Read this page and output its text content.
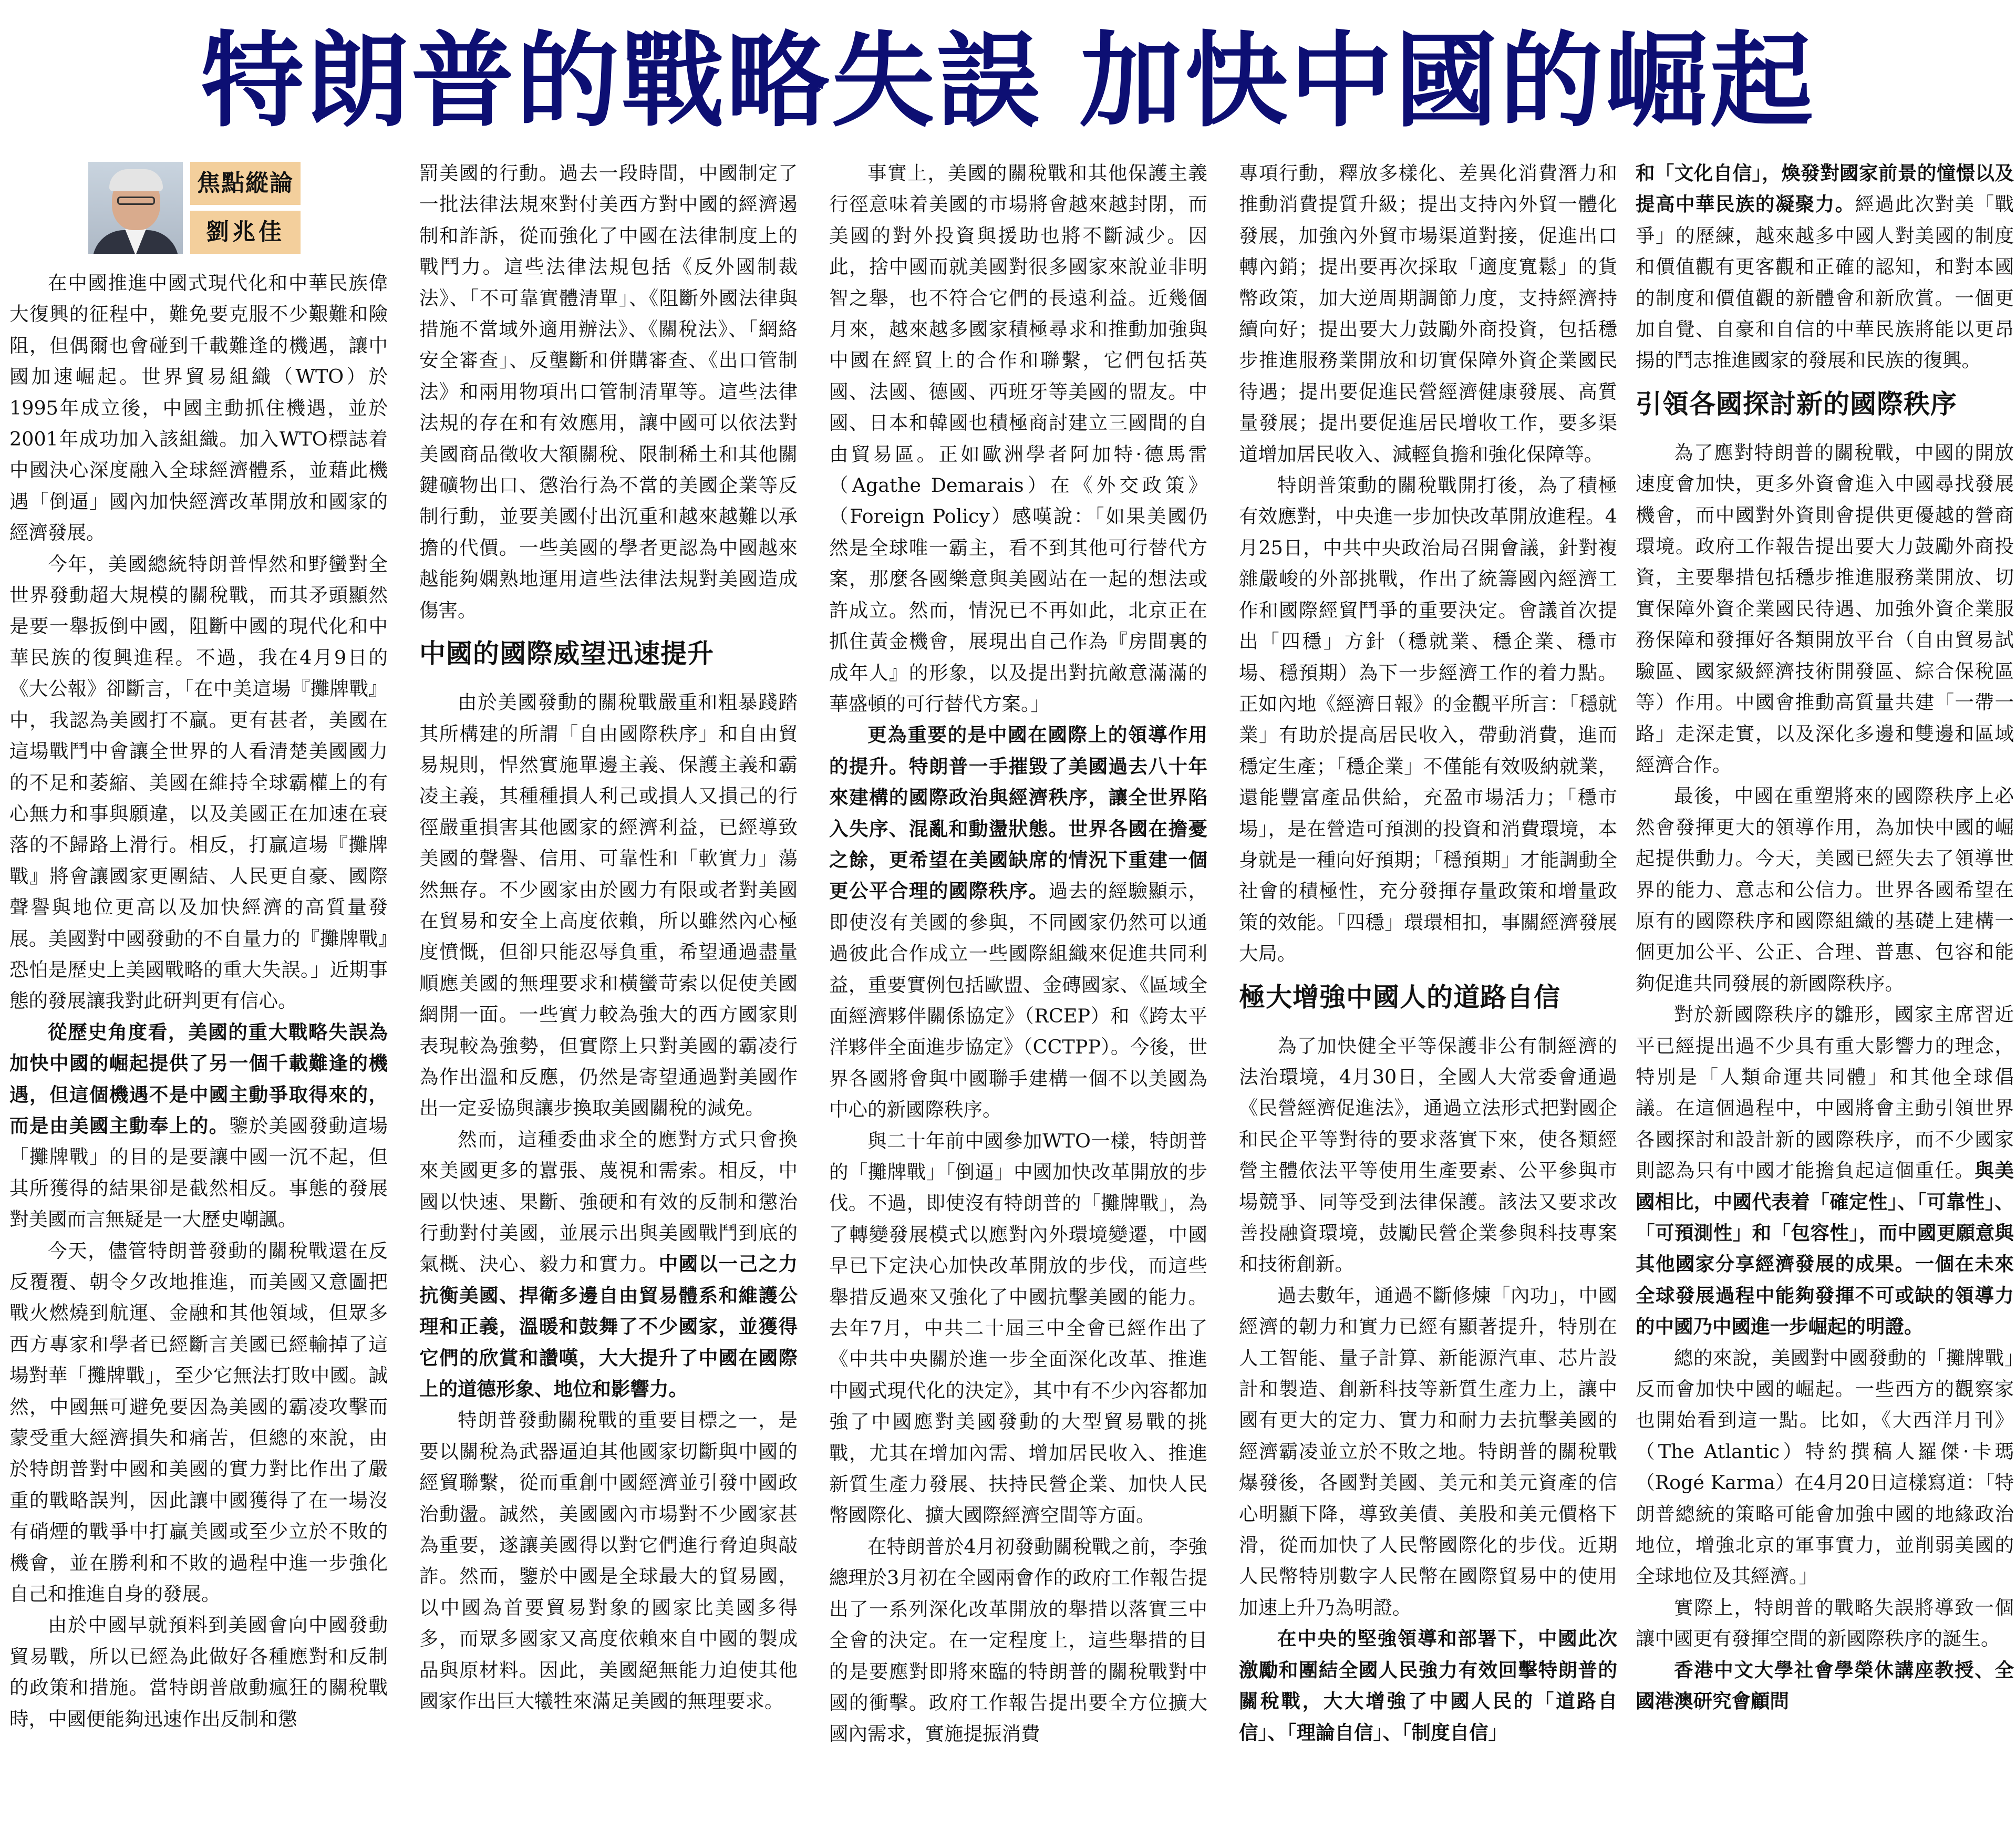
特朗普的戰略失誤 加快中國的崛起
焦點縱論
劉兆佳

在中國推進中國式現代化和中華民族偉大復興的征程中，難免要克服不少艱難和險阻，但偶爾也會碰到千載難逢的機遇，讓中國加速崛起。世界貿易組織（WTO）於1995年成立後，中國主動抓住機遇，並於2001年成功加入該組織。加入WTO標誌着中國決心深度融入全球經濟體系，並藉此機遇「倒逼」國內加快經濟改革開放和國家的經濟發展。

今年，美國總統特朗普悍然和野蠻對全世界發動超大規模的關稅戰，而其矛頭顯然是要一舉扳倒中國，阻斷中國的現代化和中華民族的復興進程。不過，我在4月9日的《大公報》卻斷言，「在中美這場『攤牌戰』中，我認為美國打不贏。更有甚者，美國在這場戰鬥中會讓全世界的人看清楚美國國力的不足和萎縮、美國在維持全球霸權上的有心無力和事與願違，以及美國正在加速在衰落的不歸路上滑行。相反，打贏這場『攤牌戰』將會讓國家更團結、人民更自豪、國際聲譽與地位更高以及加快經濟的高質量發展。美國對中國發動的不自量力的『攤牌戰』恐怕是歷史上美國戰略的重大失誤。」近期事態的發展讓我對此研判更有信心。

從歷史角度看，美國的重大戰略失誤為加快中國的崛起提供了另一個千載難逢的機遇，但這個機遇不是中國主動爭取得來的，而是由美國主動奉上的。鑒於美國發動這場「攤牌戰」的目的是要讓中國一沉不起，但其所獲得的結果卻是截然相反。事態的發展對美國而言無疑是一大歷史嘲諷。

今天，儘管特朗普發動的關稅戰還在反反覆覆、朝令夕改地推進，而美國又意圖把戰火燃燒到航運、金融和其他領域，但眾多西方專家和學者已經斷言美國已經輸掉了這場對華「攤牌戰」，至少它無法打敗中國。誠然，中國無可避免要因為美國的霸凌攻擊而蒙受重大經濟損失和痛苦，但總的來說，由於特朗普對中國和美國的實力對比作出了嚴重的戰略誤判，因此讓中國獲得了在一場沒有硝煙的戰爭中打贏美國或至少立於不敗的機會，並在勝利和不敗的過程中進一步強化自己和推進自身的發展。

由於中國早就預料到美國會向中國發動貿易戰，所以已經為此做好各種應對和反制的政策和措施。當特朗普啟動瘋狂的關稅戰時，中國便能夠迅速作出反制和懲

罰美國的行動。過去一段時間，中國制定了一批法律法規來對付美西方對中國的經濟遏制和詐訴，從而強化了中國在法律制度上的戰鬥力。這些法律法規包括《反外國制裁法》、「不可靠實體清單」、《阻斷外國法律與措施不當域外適用辦法》、《關稅法》、「網絡安全審查」、反壟斷和併購審查、《出口管制法》和兩用物項出口管制清單等。這些法律法規的存在和有效應用，讓中國可以依法對美國商品徵收大額關稅、限制稀土和其他關鍵礦物出口、懲治行為不當的美國企業等反制行動，並要美國付出沉重和越來越難以承擔的代價。一些美國的學者更認為中國越來越能夠嫻熟地運用這些法律法規對美國造成傷害。

中國的國際威望迅速提升

由於美國發動的關稅戰嚴重和粗暴踐踏其所構建的所謂「自由國際秩序」和自由貿易規則，悍然實施單邊主義、保護主義和霸凌主義，其種種損人利己或損人又損己的行徑嚴重損害其他國家的經濟利益，已經導致美國的聲譽、信用、可靠性和「軟實力」蕩然無存。不少國家由於國力有限或者對美國在貿易和安全上高度依賴，所以雖然內心極度憤慨，但卻只能忍辱負重，希望通過盡量順應美國的無理要求和橫蠻苛索以促使美國網開一面。一些實力較為強大的西方國家則表現較為強勢，但實際上只對美國的霸凌行為作出溫和反應，仍然是寄望通過對美國作出一定妥協與讓步換取美國關稅的減免。

然而，這種委曲求全的應對方式只會換來美國更多的囂張、蔑視和需索。相反，中國以快速、果斷、強硬和有效的反制和懲治行動對付美國，並展示出與美國戰鬥到底的氣概、決心、毅力和實力。中國以一己之力抗衡美國、捍衛多邊自由貿易體系和維護公理和正義，溫暖和鼓舞了不少國家，並獲得它們的欣賞和讚嘆，大大提升了中國在國際上的道德形象、地位和影響力。

特朗普發動關稅戰的重要目標之一，是要以關稅為武器逼迫其他國家切斷與中國的經貿聯繫，從而重創中國經濟並引發中國政治動盪。誠然，美國國內市場對不少國家甚為重要，遂讓美國得以對它們進行脅迫與敲詐。然而，鑒於中國是全球最大的貿易國，以中國為首要貿易對象的國家比美國多得多，而眾多國家又高度依賴來自中國的製成品與原材料。因此，美國絕無能力迫使其他國家作出巨大犧牲來滿足美國的無理要求。

事實上，美國的關稅戰和其他保護主義行徑意味着美國的市場將會越來越封閉，而美國的對外投資與援助也將不斷減少。因此，捨中國而就美國對很多國家來說並非明智之舉，也不符合它們的長遠利益。近幾個月來，越來越多國家積極尋求和推動加強與中國在經貿上的合作和聯繫，它們包括英國、法國、德國、西班牙等美國的盟友。中國、日本和韓國也積極商討建立三國間的自由貿易區。正如歐洲學者阿加特·德馬雷（Agathe Demarais）在《外交政策》（Foreign Policy）感嘆說：「如果美國仍然是全球唯一霸主，看不到其他可行替代方案，那麼各國樂意與美國站在一起的想法或許成立。然而，情況已不再如此，北京正在抓住黃金機會，展現出自己作為『房間裏的成年人』的形象，以及提出對抗敵意滿滿的華盛頓的可行替代方案。」

更為重要的是中國在國際上的領導作用的提升。特朗普一手摧毀了美國過去八十年來建構的國際政治與經濟秩序，讓全世界陷入失序、混亂和動盪狀態。世界各國在擔憂之餘，更希望在美國缺席的情況下重建一個更公平合理的國際秩序。過去的經驗顯示，即使沒有美國的參與，不同國家仍然可以通過彼此合作成立一些國際組織來促進共同利益，重要實例包括歐盟、金磚國家、《區域全面經濟夥伴關係協定》（RCEP）和《跨太平洋夥伴全面進步協定》（CCTPP）。今後，世界各國將會與中國聯手建構一個不以美國為中心的新國際秩序。

與二十年前中國參加WTO一樣，特朗普的「攤牌戰」「倒逼」中國加快改革開放的步伐。不過，即使沒有特朗普的「攤牌戰」，為了轉變發展模式以應對內外環境變遷，中國早已下定決心加快改革開放的步伐，而這些舉措反過來又強化了中國抗擊美國的能力。去年7月，中共二十屆三中全會已經作出了《中共中央關於進一步全面深化改革、推進中國式現代化的決定》，其中有不少內容都加強了中國應對美國發動的大型貿易戰的挑戰，尤其在增加內需、增加居民收入、推進新質生產力發展、扶持民營企業、加快人民幣國際化、擴大國際經濟空間等方面。

在特朗普於4月初發動關稅戰之前，李強總理於3月初在全國兩會作的政府工作報告提出了一系列深化改革開放的舉措以落實三中全會的決定。在一定程度上，這些舉措的目的是要應對即將來臨的特朗普的關稅戰對中國的衝擊。政府工作報告提出要全方位擴大國內需求，實施提振消費

專項行動，釋放多樣化、差異化消費潛力和推動消費提質升級；提出支持內外貿一體化發展，加強內外貿市場渠道對接，促進出口轉內銷；提出要再次採取「適度寬鬆」的貨幣政策，加大逆周期調節力度，支持經濟持續向好；提出要大力鼓勵外商投資，包括穩步推進服務業開放和切實保障外資企業國民待遇；提出要促進民營經濟健康發展、高質量發展；提出要促進居民增收工作，要多渠道增加居民收入、減輕負擔和強化保障等。

特朗普策動的關稅戰開打後，為了積極有效應對，中央進一步加快改革開放進程。4月25日，中共中央政治局召開會議，針對複雜嚴峻的外部挑戰，作出了統籌國內經濟工作和國際經貿鬥爭的重要決定。會議首次提出「四穩」方針（穩就業、穩企業、穩市場、穩預期）為下一步經濟工作的着力點。正如內地《經濟日報》的金觀平所言：「穩就業」有助於提高居民收入，帶動消費，進而穩定生產；「穩企業」不僅能有效吸納就業，還能豐富產品供給，充盈市場活力；「穩市場」，是在營造可預測的投資和消費環境，本身就是一種向好預期；「穩預期」才能調動全社會的積極性，充分發揮存量政策和增量政策的效能。「四穩」環環相扣，事關經濟發展大局。

極大增強中國人的道路自信

為了加快健全平等保護非公有制經濟的法治環境，4月30日，全國人大常委會通過《民營經濟促進法》，通過立法形式把對國企和民企平等對待的要求落實下來，使各類經營主體依法平等使用生產要素、公平參與市場競爭、同等受到法律保護。該法又要求改善投融資環境，鼓勵民營企業參與科技專案和技術創新。

過去數年，通過不斷修煉「內功」，中國經濟的韌力和實力已經有顯著提升，特別在人工智能、量子計算、新能源汽車、芯片設計和製造、創新科技等新質生產力上，讓中國有更大的定力、實力和耐力去抗擊美國的經濟霸凌並立於不敗之地。特朗普的關稅戰爆發後，各國對美國、美元和美元資產的信心明顯下降，導致美債、美股和美元價格下滑，從而加快了人民幣國際化的步伐。近期人民幣特別數字人民幣在國際貿易中的使用加速上升乃為明證。

在中央的堅強領導和部署下，中國此次激勵和團結全國人民強力有效回擊特朗普的關稅戰，大大增強了中國人民的「道路自信」、「理論自信」、「制度自信」

和「文化自信」，煥發對國家前景的憧憬以及提高中華民族的凝聚力。經過此次對美「戰爭」的歷練，越來越多中國人對美國的制度和價值觀有更客觀和正確的認知，和對本國的制度和價值觀的新體會和新欣賞。一個更加自覺、自豪和自信的中華民族將能以更昂揚的鬥志推進國家的發展和民族的復興。

引領各國探討新的國際秩序

為了應對特朗普的關稅戰，中國的開放速度會加快，更多外資會進入中國尋找發展機會，而中國對外資則會提供更優越的營商環境。政府工作報告提出要大力鼓勵外商投資，主要舉措包括穩步推進服務業開放、切實保障外資企業國民待遇、加強外資企業服務保障和發揮好各類開放平台（自由貿易試驗區、國家級經濟技術開發區、綜合保稅區等）作用。中國會推動高質量共建「一帶一路」走深走實，以及深化多邊和雙邊和區域經濟合作。

最後，中國在重塑將來的國際秩序上必然會發揮更大的領導作用，為加快中國的崛起提供動力。今天，美國已經失去了領導世界的能力、意志和公信力。世界各國希望在原有的國際秩序和國際組織的基礎上建構一個更加公平、公正、合理、普惠、包容和能夠促進共同發展的新國際秩序。

對於新國際秩序的雛形，國家主席習近平已經提出過不少具有重大影響力的理念，特別是「人類命運共同體」和其他全球倡議。在這個過程中，中國將會主動引領世界各國探討和設計新的國際秩序，而不少國家則認為只有中國才能擔負起這個重任。與美國相比，中國代表着「確定性」、「可靠性」、「可預測性」和「包容性」，而中國更願意與其他國家分享經濟發展的成果。一個在未來全球發展過程中能夠發揮不可或缺的領導力的中國乃中國進一步崛起的明證。

總的來說，美國對中國發動的「攤牌戰」反而會加快中國的崛起。一些西方的觀察家也開始看到這一點。比如，《大西洋月刊》（The Atlantic）特約撰稿人羅傑·卡瑪（Rogé Karma）在4月20日這樣寫道：「特朗普總統的策略可能會加強中國的地緣政治地位，增強北京的軍事實力，並削弱美國的全球地位及其經濟。」

實際上，特朗普的戰略失誤將導致一個讓中國更有發揮空間的新國際秩序的誕生。

香港中文大學社會學榮休講座教授、全國港澳研究會顧問
